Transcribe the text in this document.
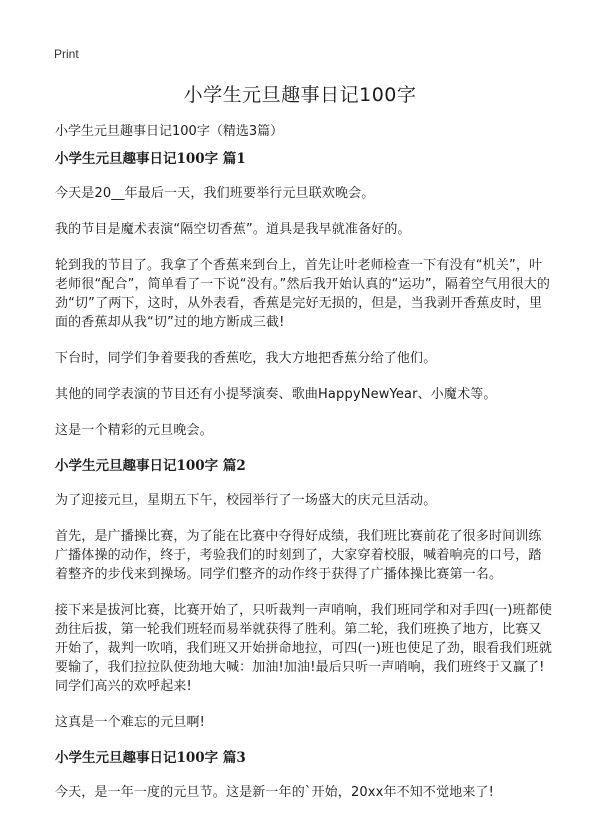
Print
小学生元旦趣事日记100字

小学生元旦趣事日记100字（精选3篇）

小学生元旦趣事日记100字 篇1

今天是20__年最后一天，我们班要举行元旦联欢晚会。

我的节目是魔术表演“隔空切香蕉”。道具是我早就准备好的。

轮到我的节目了。我拿了个香蕉来到台上，首先让叶老师检查一下有没有“机关”，叶老师很“配合”，简单看了一下说“没有。”然后我开始认真的“运功”，隔着空气用很大的劲“切”了两下，这时，从外表看，香蕉是完好无损的，但是，当我剥开香蕉皮时，里面的香蕉却从我“切”过的地方断成三截!

下台时，同学们争着要我的香蕉吃，我大方地把香蕉分给了他们。

其他的同学表演的节目还有小提琴演奏、歌曲HappyNewYear、小魔术等。

这是一个精彩的元旦晚会。

小学生元旦趣事日记100字 篇2

为了迎接元旦，星期五下午，校园举行了一场盛大的庆元旦活动。

首先，是广播操比赛，为了能在比赛中夺得好成绩，我们班比赛前花了很多时间训练广播体操的动作，终于，考验我们的时刻到了，大家穿着校服，喊着响亮的口号，踏着整齐的步伐来到操场。同学们整齐的动作终于获得了广播体操比赛第一名。

接下来是拔河比赛，比赛开始了，只听裁判一声哨响，我们班同学和对手四(一)班都使劲往后拔，第一轮我们班轻而易举就获得了胜利。第二轮，我们班换了地方，比赛又开始了，裁判一吹哨，我们班又开始拼命地拉，可四(一)班也使足了劲，眼看我们班就要输了，我们拉拉队使劲地大喊：加油!加油!最后只听一声哨响，我们班终于又赢了!同学们高兴的欢呼起来!

这真是一个难忘的元旦啊!

小学生元旦趣事日记100字 篇3

今天，是一年一度的元旦节。这是新一年的`开始，20xx年不知不觉地来了!
